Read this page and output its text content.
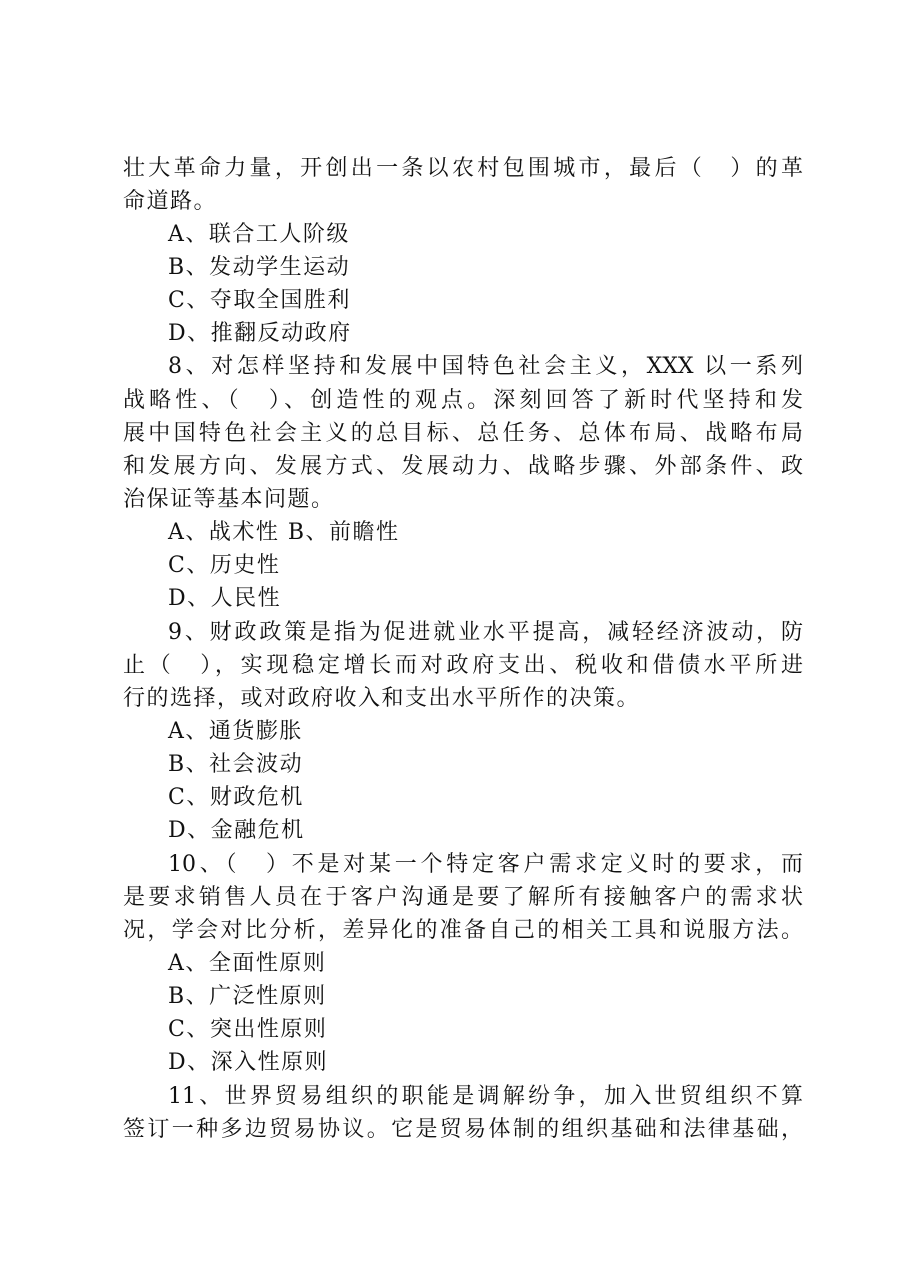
壮大革命力量，开创出一条以农村包围城市，最后（　）的革
命道路。
A、联合工人阶级
B、发动学生运动
C、夺取全国胜利
D、推翻反动政府
8、对怎样坚持和发展中国特色社会主义，XXX 以一系列
战略性、（　）、创造性的观点。深刻回答了新时代坚持和发
展中国特色社会主义的总目标、总任务、总体布局、战略布局
和发展方向、发展方式、发展动力、战略步骤、外部条件、政
治保证等基本问题。
A、战术性 B、前瞻性
C、历史性
D、人民性
9、财政政策是指为促进就业水平提高，减轻经济波动，防
止（　），实现稳定增长而对政府支出、税收和借债水平所进
行的选择，或对政府收入和支出水平所作的决策。
A、通货膨胀
B、社会波动
C、财政危机
D、金融危机
10、（　）不是对某一个特定客户需求定义时的要求，而
是要求销售人员在于客户沟通是要了解所有接触客户的需求状
况，学会对比分析，差异化的准备自己的相关工具和说服方法。
A、全面性原则
B、广泛性原则
C、突出性原则
D、深入性原则
11、世界贸易组织的职能是调解纷争，加入世贸组织不算
签订一种多边贸易协议。它是贸易体制的组织基础和法律基础，
